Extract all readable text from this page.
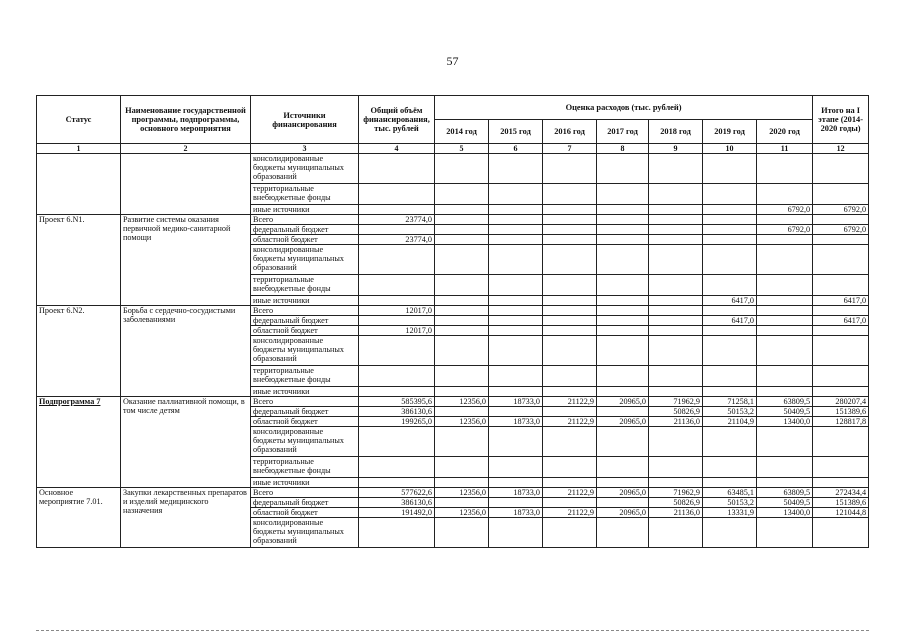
57
Статус	Наименование государственной программы, подпрограммы, основного мероприятия	Источники финансирования	Общий объём финансирования, тыс. рублей	Оценка расходов (тыс. рублей)							Итого на I этапе (2014-2020 годы)
				2014 год	2015 год	2016 год	2017 год	2018 год	2019 год	2020 год	
1	2	3	4	5	6	7	8	9	10	11	12
		консолидированные бюджеты муниципальных образований									
		территориальные внебюджетные фонды									
		иные источники								6792,0	6792,0
Проект 6.N1.	Развитие системы оказания первичной медико-санитарной помощи	Всего	23774,0								
		федеральный бюджет								6792,0	6792,0
		областной бюджет	23774,0								
		консолидированные бюджеты муниципальных образований									
		территориальные внебюджетные фонды									
		иные источники							6417,0		6417,0
Проект 6.N2.	Борьба с сердечно-сосудистыми заболеваниями	Всего	12017,0								
		федеральный бюджет							6417,0		6417,0
		областной бюджет	12017,0								
		консолидированные бюджеты муниципальных образований									
		территориальные внебюджетные фонды									
		иные источники									
Подпрограмма 7	Оказание паллиативной помощи, в том числе детям	Всего	585395,6	12356,0	18733,0	21122,9	20965,0	71962,9	71258,1	63809,5	280207,4
		федеральный бюджет	386130,6					50826,9	50153,2	50409,5	151389,6
		областной бюджет	199265,0	12356,0	18733,0	21122,9	20965,0	21136,0	21104,9	13400,0	128817,8
		консолидированные бюджеты муниципальных образований									
		территориальные внебюджетные фонды									
		иные источники									
Основное мероприятие 7.01.	Закупки лекарственных препаратов и изделий медицинского назначения	Всего	577622,6	12356,0	18733,0	21122,9	20965,0	71962,9	63485,1	63809,5	272434,4
		федеральный бюджет	386130,6					50826,9	50153,2	50409,5	151389,6
		областной бюджет	191492,0	12356,0	18733,0	21122,9	20965,0	21136,0	13331,9	13400,0	121044,8
		консолидированные бюджеты муниципальных образований									
